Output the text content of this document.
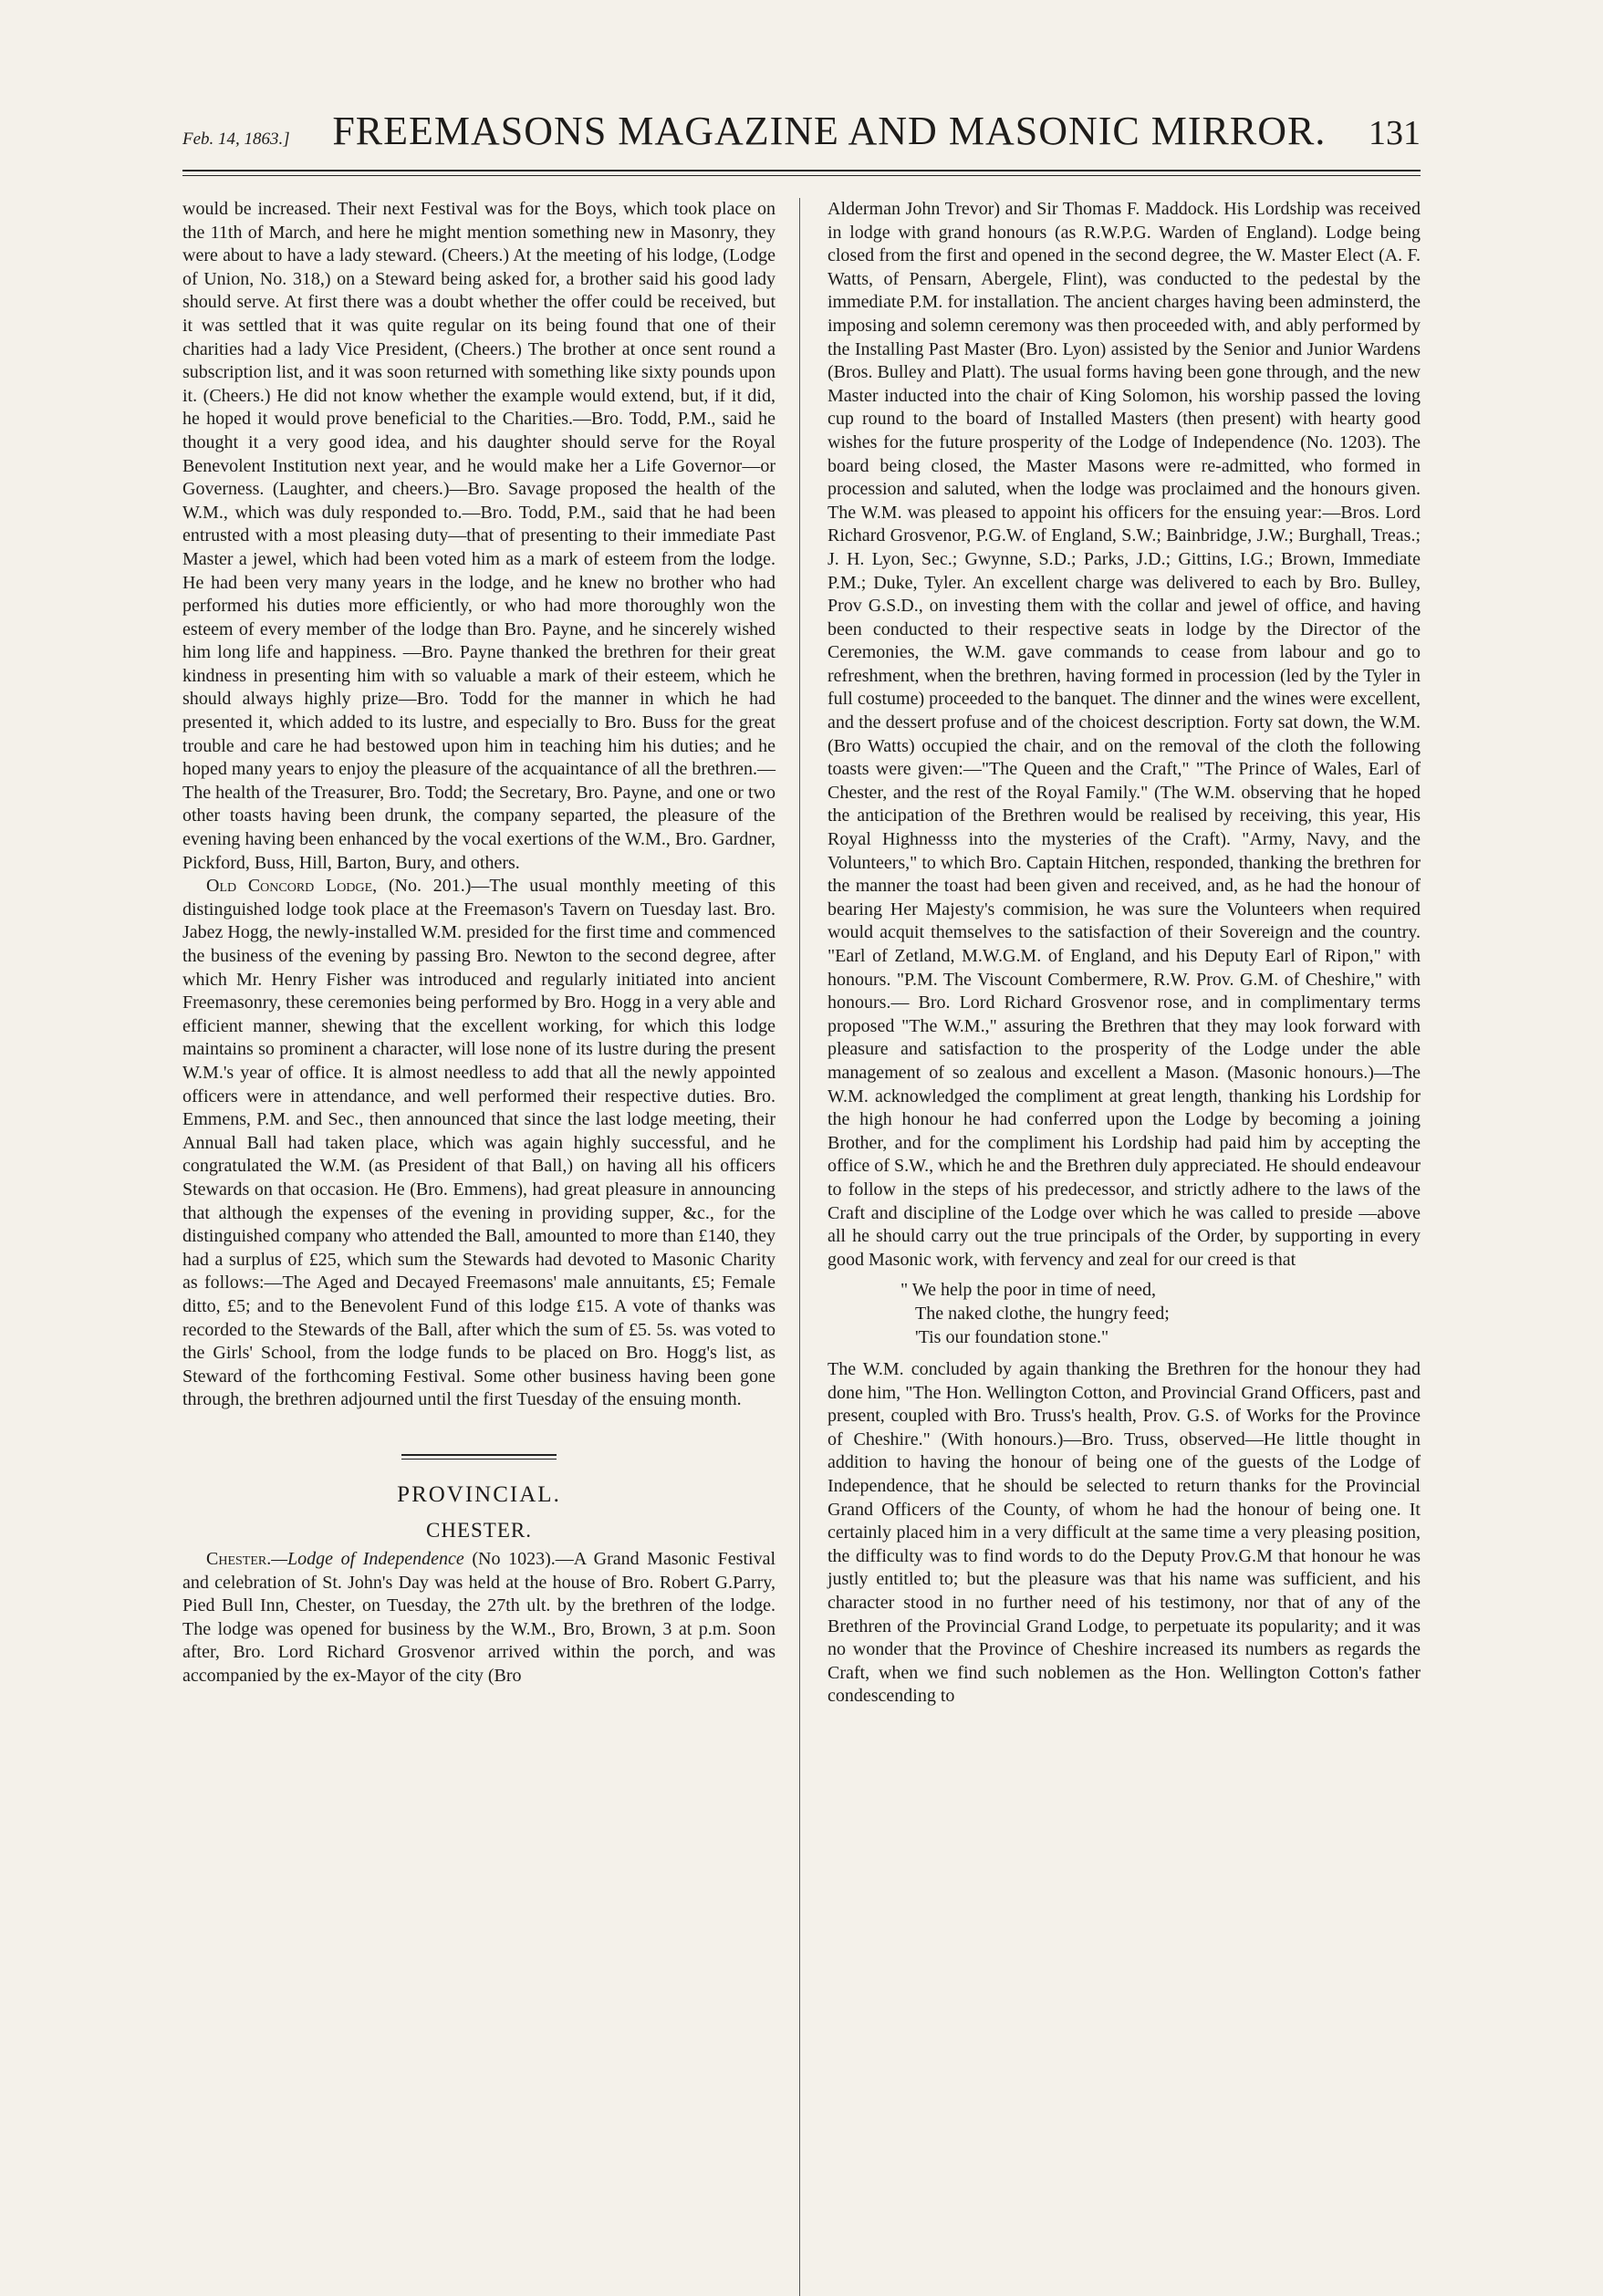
Feb. 14, 1863.] FREEMASONS MAGAZINE AND MASONIC MIRROR. 131

would be increased. Their next Festival was for the Boys, which took place on the 11th of March, and here he might mention something new in Masonry, they were about to have a lady steward. (Cheers.) At the meeting of his lodge, (Lodge of Union, No. 318,) on a Steward being asked for, a brother said his good lady should serve. At first there was a doubt whether the offer could be received, but it was settled that it was quite regular on its being found that one of their charities had a lady Vice President, (Cheers.) The brother at once sent round a subscription list, and it was soon returned with something like sixty pounds upon it. (Cheers.) He did not know whether the example would extend, but, if it did, he hoped it would prove beneficial to the Charities.—Bro. Todd, P.M., said he thought it a very good idea, and his daughter should serve for the Royal Benevolent Institution next year, and he would make her a Life Governor—or Governess. (Laughter, and cheers.)—Bro. Savage proposed the health of the W.M., which was duly responded to.—Bro. Todd, P.M., said that he had been entrusted with a most pleasing duty—that of presenting to their immediate Past Master a jewel, which had been voted him as a mark of esteem from the lodge. He had been very many years in the lodge, and he knew no brother who had performed his duties more efficiently, or who had more thoroughly won the esteem of every member of the lodge than Bro. Payne, and he sincerely wished him long life and happiness. —Bro. Payne thanked the brethren for their great kindness in presenting him with so valuable a mark of their esteem, which he should always highly prize—Bro. Todd for the manner in which he had presented it, which added to its lustre, and especially to Bro. Buss for the great trouble and care he had bestowed upon him in teaching him his duties; and he hoped many years to enjoy the pleasure of the acquaintance of all the brethren.—The health of the Treasurer, Bro. Todd; the Secretary, Bro. Payne, and one or two other toasts having been drunk, the company separted, the pleasure of the evening having been enhanced by the vocal exertions of the W.M., Bro. Gardner, Pickford, Buss, Hill, Barton, Bury, and others.

Old Concord Lodge, (No. 201.)—The usual monthly meeting of this distinguished lodge took place at the Freemason's Tavern on Tuesday last. Bro. Jabez Hogg, the newly-installed W.M. presided for the first time and commenced the business of the evening by passing Bro. Newton to the second degree, after which Mr. Henry Fisher was introduced and regularly initiated into ancient Freemasonry, these ceremonies being performed by Bro. Hogg in a very able and efficient manner, shewing that the excellent working, for which this lodge maintains so prominent a character, will lose none of its lustre during the present W.M.'s year of office. It is almost needless to add that all the newly appointed officers were in attendance, and well performed their respective duties. Bro. Emmens, P.M. and Sec., then announced that since the last lodge meeting, their Annual Ball had taken place, which was again highly successful, and he congratulated the W.M. (as President of that Ball,) on having all his officers Stewards on that occasion. He (Bro. Emmens), had great pleasure in announcing that although the expenses of the evening in providing supper, &c., for the distinguished company who attended the Ball, amounted to more than £140, they had a surplus of £25, which sum the Stewards had devoted to Masonic Charity as follows:—The Aged and Decayed Freemasons' male annuitants, £5; Female ditto, £5; and to the Benevolent Fund of this lodge £15. A vote of thanks was recorded to the Stewards of the Ball, after which the sum of £5. 5s. was voted to the Girls' School, from the lodge funds to be placed on Bro. Hogg's list, as Steward of the forthcoming Festival. Some other business having been gone through, the brethren adjourned until the first Tuesday of the ensuing month.

PROVINCIAL.
CHESTER.

Chester.—Lodge of Independence (No 1023).—A Grand Masonic Festival and celebration of St. John's Day was held at the house of Bro. Robert G.Parry, Pied Bull Inn, Chester, on Tuesday, the 27th ult. by the brethren of the lodge. The lodge was opened for business by the W.M., Bro, Brown, 3 at p.m. Soon after, Bro. Lord Richard Grosvenor arrived within the porch, and was accompanied by the ex-Mayor of the city (Bro

Alderman John Trevor) and Sir Thomas F. Maddock. His Lordship was received in lodge with grand honours (as R.W.P.G. Warden of England). Lodge being closed from the first and opened in the second degree, the W. Master Elect (A. F. Watts, of Pensarn, Abergele, Flint), was conducted to the pedestal by the immediate P.M. for installation. The ancient charges having been adminsterd, the imposing and solemn ceremony was then proceeded with, and ably performed by the Installing Past Master (Bro. Lyon) assisted by the Senior and Junior Wardens (Bros. Bulley and Platt). The usual forms having been gone through, and the new Master inducted into the chair of King Solomon, his worship passed the loving cup round to the board of Installed Masters (then present) with hearty good wishes for the future prosperity of the Lodge of Independence (No. 1203). The board being closed, the Master Masons were re-admitted, who formed in procession and saluted, when the lodge was proclaimed and the honours given. The W.M. was pleased to appoint his officers for the ensuing year:—Bros. Lord Richard Grosvenor, P.G.W. of England, S.W.; Bainbridge, J.W.; Burghall, Treas.; J. H. Lyon, Sec.; Gwynne, S.D.; Parks, J.D.; Gittins, I.G.; Brown, Immediate P.M.; Duke, Tyler. An excellent charge was delivered to each by Bro. Bulley, Prov G.S.D., on investing them with the collar and jewel of office, and having been conducted to their respective seats in lodge by the Director of the Ceremonies, the W.M. gave commands to cease from labour and go to refreshment, when the brethren, having formed in procession (led by the Tyler in full costume) proceeded to the banquet. The dinner and the wines were excellent, and the dessert profuse and of the choicest description. Forty sat down, the W.M. (Bro Watts) occupied the chair, and on the removal of the cloth the following toasts were given:—"The Queen and the Craft," "The Prince of Wales, Earl of Chester, and the rest of the Royal Family." (The W.M. observing that he hoped the anticipation of the Brethren would be realised by receiving, this year, His Royal Highnesss into the mysteries of the Craft). "Army, Navy, and the Volunteers," to which Bro. Captain Hitchen, responded, thanking the brethren for the manner the toast had been given and received, and, as he had the honour of bearing Her Majesty's commision, he was sure the Volunteers when required would acquit themselves to the satisfaction of their Sovereign and the country. "Earl of Zetland, M.W.G.M. of England, and his Deputy Earl of Ripon," with honours. "P.M. The Viscount Combermere, R.W. Prov. G.M. of Cheshire," with honours.— Bro. Lord Richard Grosvenor rose, and in complimentary terms proposed "The W.M.," assuring the Brethren that they may look forward with pleasure and satisfaction to the prosperity of the Lodge under the able management of so zealous and excellent a Mason. (Masonic honours.)—The W.M. acknowledged the compliment at great length, thanking his Lordship for the high honour he had conferred upon the Lodge by becoming a joining Brother, and for the compliment his Lordship had paid him by accepting the office of S.W., which he and the Brethren duly appreciated. He should endeavour to follow in the steps of his predecessor, and strictly adhere to the laws of the Craft and discipline of the Lodge over which he was called to preside —above all he should carry out the true principals of the Order, by supporting in every good Masonic work, with fervency and zeal for our creed is that

" We help the poor in time of need,
The naked clothe, the hungry feed;
'Tis our foundation stone."

The W.M. concluded by again thanking the Brethren for the honour they had done him, "The Hon. Wellington Cotton, and Provincial Grand Officers, past and present, coupled with Bro. Truss's health, Prov. G.S. of Works for the Province of Cheshire." (With honours.)—Bro. Truss, observed—He little thought in addition to having the honour of being one of the guests of the Lodge of Independence, that he should be selected to return thanks for the Provincial Grand Officers of the County, of whom he had the honour of being one. It certainly placed him in a very difficult at the same time a very pleasing position, the difficulty was to find words to do the Deputy Prov.G.M that honour he was justly entitled to; but the pleasure was that his name was sufficient, and his character stood in no further need of his testimony, nor that of any of the Brethren of the Provincial Grand Lodge, to perpetuate its popularity; and it was no wonder that the Province of Cheshire increased its numbers as regards the Craft, when we find such noblemen as the Hon. Wellington Cotton's father condescending to
